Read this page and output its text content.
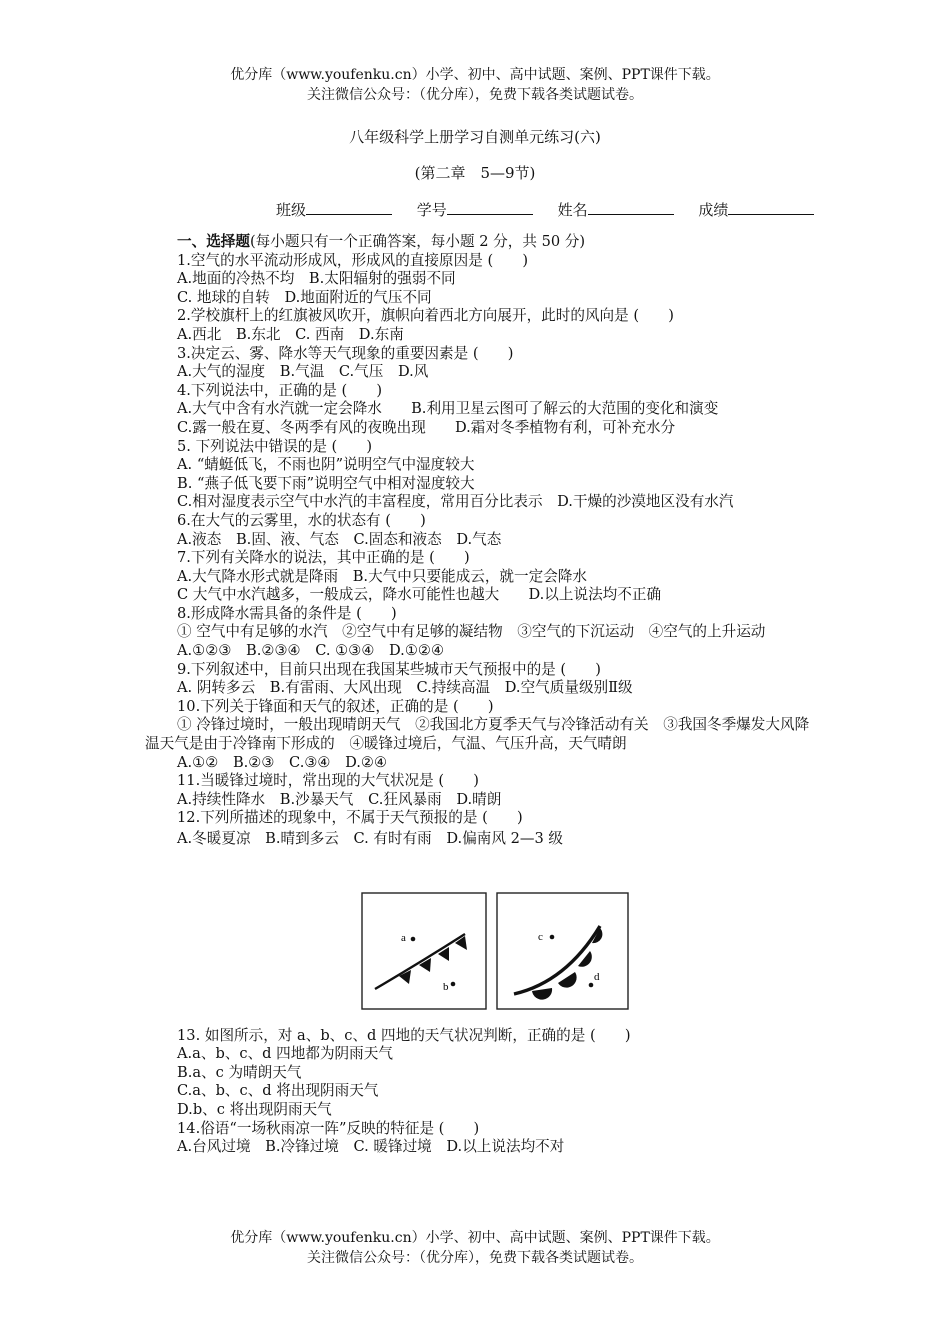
优分库（www.youfenku.cn）小学、初中、高中试题、案例、PPT课件下载。
关注微信公众号：（优分库），免费下载各类试题试卷。
八年级科学上册学习自测单元练习(六)
(第二章　5—9节)
班级	学号	姓名	成绩
一、选择题(每小题只有一个正确答案，每小题 2 分，共 50 分)
1.空气的水平流动形成风，形成风的直接原因是 (　　)
A.地面的冷热不均　B.太阳辐射的强弱不同
C. 地球的自转　D.地面附近的气压不同
2.学校旗杆上的红旗被风吹开，旗帜向着西北方向展开，此时的风向是 (　　)
A.西北　B.东北　C. 西南　D.东南
3.决定云、雾、降水等天气现象的重要因素是 (　　)
A.大气的湿度　B.气温　C.气压　D.风
4.下列说法中，正确的是 (　　)
A.大气中含有水汽就一定会降水　　B.利用卫星云图可了解云的大范围的变化和演变
C.露一般在夏、冬两季有风的夜晚出现　　D.霜对冬季植物有利，可补充水分
5. 下列说法中错误的是 (　　)
A. “蜻蜓低飞，不雨也阴”说明空气中湿度较大
B. “燕子低飞要下雨”说明空气中相对湿度较大
C.相对湿度表示空气中水汽的丰富程度，常用百分比表示　D.干燥的沙漠地区没有水汽
6.在大气的云雾里，水的状态有 (　　)
A.液态　B.固、液、气态　C.固态和液态　D.气态
7.下列有关降水的说法，其中正确的是 (　　)
A.大气降水形式就是降雨　B.大气中只要能成云，就一定会降水
C 大气中水汽越多，一般成云，降水可能性也越大　　D.以上说法均不正确
8.形成降水需具备的条件是 (　　)
① 空气中有足够的水汽　②空气中有足够的凝结物　③空气的下沉运动　④空气的上升运动
A.①②③　B.②③④　C. ①③④　D.①②④
9.下列叙述中，目前只出现在我国某些城市天气预报中的是 (　　)
A. 阴转多云　B.有雷雨、大风出现　C.持续高温　D.空气质量级别Ⅱ级
10.下列关于锋面和天气的叙述，正确的是 (　　)
① 冷锋过境时，一般出现晴朗天气　②我国北方夏季天气与冷锋活动有关　③我国冬季爆发大风降温天气是由于冷锋南下形成的　④暖锋过境后，气温、气压升高，天气晴朗
A.①②　B.②③　C.③④　D.②④
11.当暖锋过境时，常出现的大气状况是 (　　)
A.持续性降水　B.沙暴天气　C.狂风暴雨　D.晴朗
12.下列所描述的现象中，不属于天气预报的是 (　　)
A.冬暖夏凉　B.晴到多云　C. 有时有雨　D.偏南风 2—3 级
13. 如图所示，对 a、b、c、d 四地的天气状况判断，正确的是 (　　)
A.a、b、c、d 四地都为阴雨天气
B.a、c 为晴朗天气
C.a、b、c、d 将出现阴雨天气
D.b、c 将出现阴雨天气
14.俗语“一场秋雨凉一阵”反映的特征是 (　　)
A.台风过境　B.冷锋过境　C. 暖锋过境　D.以上说法均不对
a
b
c
d
优分库（www.youfenku.cn）小学、初中、高中试题、案例、PPT课件下载。
关注微信公众号：（优分库），免费下载各类试题试卷。
